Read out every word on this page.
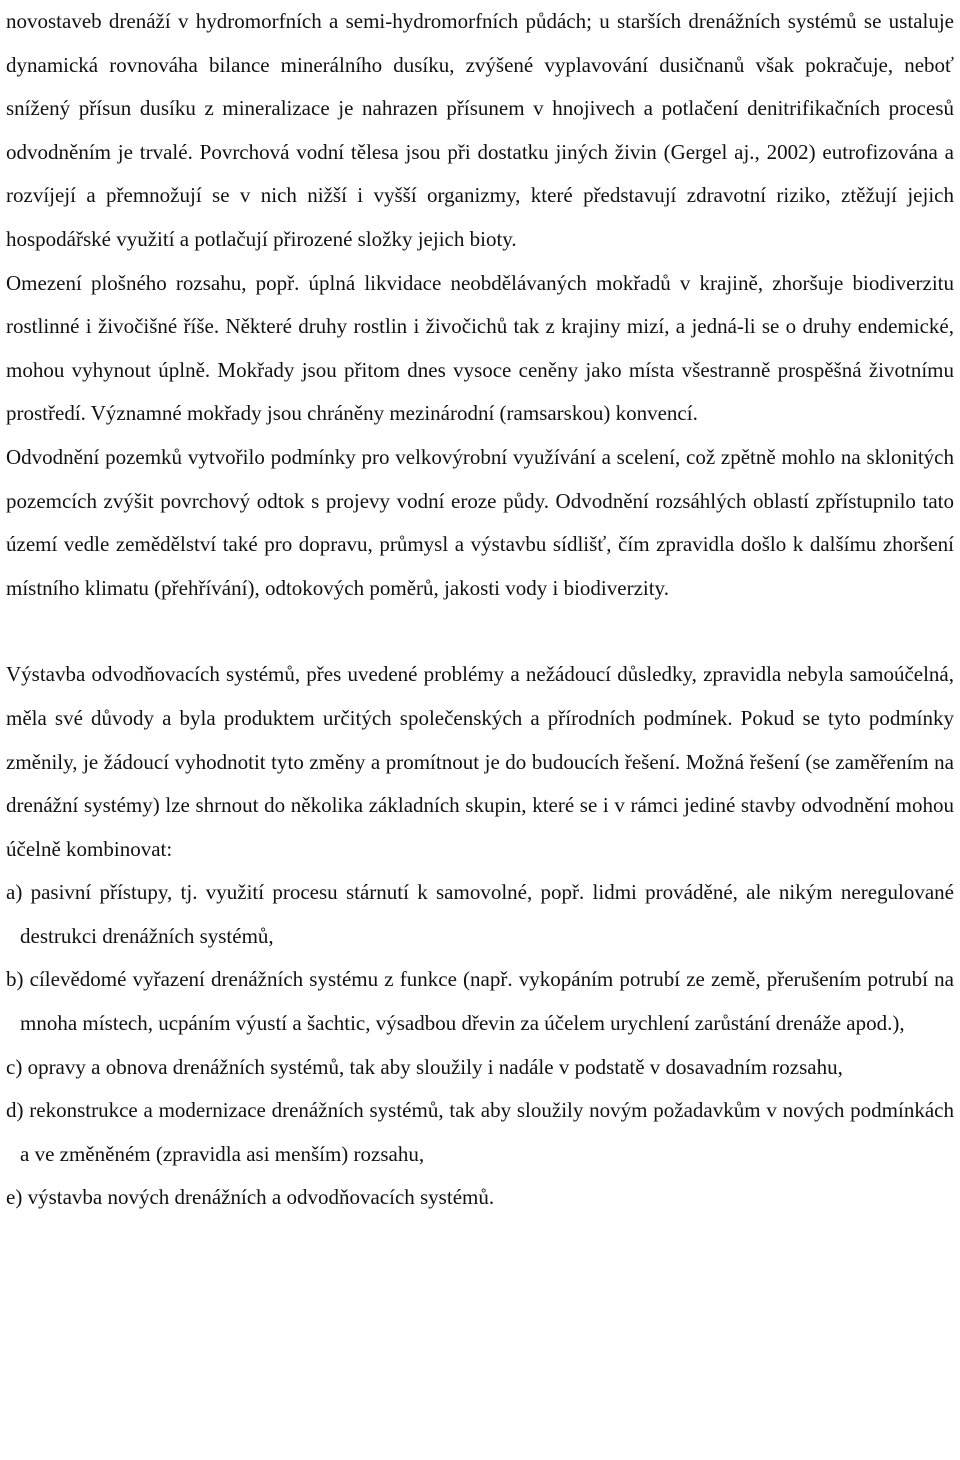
novostaveb drenáží v hydromorfních a semi-hydromorfních půdách; u starších drenážních systémů se ustaluje dynamická rovnováha bilance minerálního dusíku, zvýšené vyplavování dusičnanů však pokračuje, neboť snížený přísun dusíku z mineralizace je nahrazen přísunem v hnojivech a potlačení denitrifikačních procesů odvodněním je trvalé. Povrchová vodní tělesa jsou při dostatku jiných živin (Gergel aj., 2002) eutrofizována a rozvíjejí a přemnožují se v nich nižší i vyšší organizmy, které představují zdravotní riziko, ztěžují jejich hospodářské využití a potlačují přirozené složky jejich bioty.

Omezení plošného rozsahu, popř. úplná likvidace neobdělávaných mokřadů v krajině, zhoršuje biodiverzitu rostlinné i živočišné říše. Některé druhy rostlin i živočichů tak z krajiny mizí, a jedná-li se o druhy endemické, mohou vyhynout úplně. Mokřady jsou přitom dnes vysoce ceněny jako místa všestranně prospěšná životnímu prostředí. Významné mokřady jsou chráněny mezinárodní (ramsarskou) konvencí.

Odvodnění pozemků vytvořilo podmínky pro velkovýrobní využívání a scelení, což zpětně mohlo na sklonitých pozemcích zvýšit povrchový odtok s projevy vodní eroze půdy. Odvodnění rozsáhlých oblastí zpřístupnilo tato území vedle zemědělství také pro dopravu, průmysl a výstavbu sídlišť, čím zpravidla došlo k dalšímu zhoršení místního klimatu (přehřívání), odtokových poměrů, jakosti vody i biodiverzity.

Výstavba odvodňovacích systémů, přes uvedené problémy a nežádoucí důsledky, zpravidla nebyla samoúčelná, měla své důvody a byla produktem určitých společenských a přírodních podmínek. Pokud se tyto podmínky změnily, je žádoucí vyhodnotit tyto změny a promítnout je do budoucích řešení. Možná řešení (se zaměřením na drenážní systémy) lze shrnout do několika základních skupin, které se i v rámci jediné stavby odvodnění mohou účelně kombinovat:

a) pasivní přístupy, tj. využití procesu stárnutí k samovolné, popř. lidmi prováděné, ale nikým neregulované destrukci drenážních systémů,
b) cílevědomé vyřazení drenážních systému z funkce (např. vykopáním potrubí ze země, přerušením potrubí na mnoha místech, ucpáním výustí a šachtic, výsadbou dřevin za účelem urychlení zarůstání drenáže apod.),
c) opravy a obnova drenážních systémů, tak aby sloužily i nadále v podstatě v dosavadním rozsahu,
d) rekonstrukce a modernizace drenážních systémů, tak aby sloužily novým požadavkům v nových podmínkách a ve změněném (zpravidla asi menším) rozsahu,
e) výstavba nových drenážních a odvodňovacích systémů.
